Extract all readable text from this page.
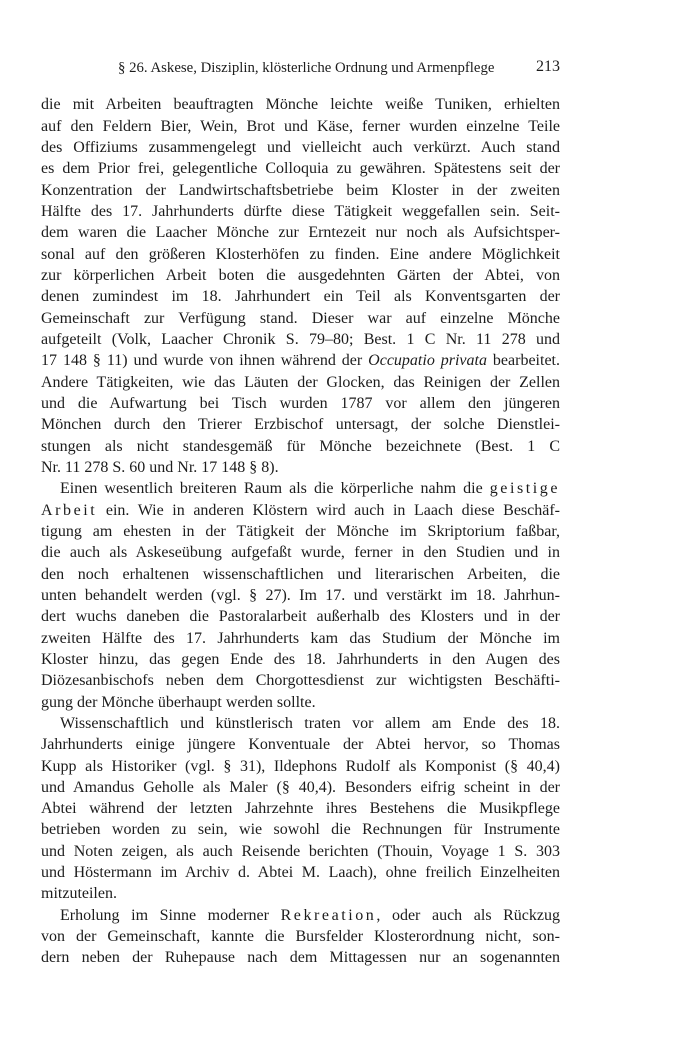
§ 26. Askese, Disziplin, klösterliche Ordnung und Armenpflege	213
die mit Arbeiten beauftragten Mönche leichte weiße Tuniken, erhielten
auf den Feldern Bier, Wein, Brot und Käse, ferner wurden einzelne Teile
des Offiziums zusammengelegt und vielleicht auch verkürzt. Auch stand
es dem Prior frei, gelegentliche Colloquia zu gewähren. Spätestens seit der
Konzentration der Landwirtschaftsbetriebe beim Kloster in der zweiten
Hälfte des 17. Jahrhunderts dürfte diese Tätigkeit weggefallen sein. Seit-
dem waren die Laacher Mönche zur Erntezeit nur noch als Aufsichtsper-
sonal auf den größeren Klosterhöfen zu finden. Eine andere Möglichkeit
zur körperlichen Arbeit boten die ausgedehnten Gärten der Abtei, von
denen zumindest im 18. Jahrhundert ein Teil als Konventsgarten der
Gemeinschaft zur Verfügung stand. Dieser war auf einzelne Mönche
aufgeteilt (Volk, Laacher Chronik S. 79–80; Best. 1 C Nr. 11 278 und
17 148 § 11) und wurde von ihnen während der Occupatio privata bearbeitet.
Andere Tätigkeiten, wie das Läuten der Glocken, das Reinigen der Zellen
und die Aufwartung bei Tisch wurden 1787 vor allem den jüngeren
Mönchen durch den Trierer Erzbischof untersagt, der solche Dienstlei-
stungen als nicht standesgemäß für Mönche bezeichnete (Best. 1 C
Nr. 11 278 S. 60 und Nr. 17 148 § 8).
Einen wesentlich breiteren Raum als die körperliche nahm die geistige
Arbeit ein. Wie in anderen Klöstern wird auch in Laach diese Beschäf-
tigung am ehesten in der Tätigkeit der Mönche im Skriptorium faßbar,
die auch als Askeseübung aufgefaßt wurde, ferner in den Studien und in
den noch erhaltenen wissenschaftlichen und literarischen Arbeiten, die
unten behandelt werden (vgl. § 27). Im 17. und verstärkt im 18. Jahrhun-
dert wuchs daneben die Pastoralarbeit außerhalb des Klosters und in der
zweiten Hälfte des 17. Jahrhunderts kam das Studium der Mönche im
Kloster hinzu, das gegen Ende des 18. Jahrhunderts in den Augen des
Diözesanbischofs neben dem Chorgottesdienst zur wichtigsten Beschäfti-
gung der Mönche überhaupt werden sollte.
Wissenschaftlich und künstlerisch traten vor allem am Ende des 18.
Jahrhunderts einige jüngere Konventuale der Abtei hervor, so Thomas
Kupp als Historiker (vgl. § 31), Ildephons Rudolf als Komponist (§ 40,4)
und Amandus Geholle als Maler (§ 40,4). Besonders eifrig scheint in der
Abtei während der letzten Jahrzehnte ihres Bestehens die Musikpflege
betrieben worden zu sein, wie sowohl die Rechnungen für Instrumente
und Noten zeigen, als auch Reisende berichten (Thouin, Voyage 1 S. 303
und Höstermann im Archiv d. Abtei M. Laach), ohne freilich Einzelheiten
mitzuteilen.
Erholung im Sinne moderner Rekreation, oder auch als Rückzug
von der Gemeinschaft, kannte die Bursfelder Klosterordnung nicht, son-
dern neben der Ruhepause nach dem Mittagessen nur an sogenannten
